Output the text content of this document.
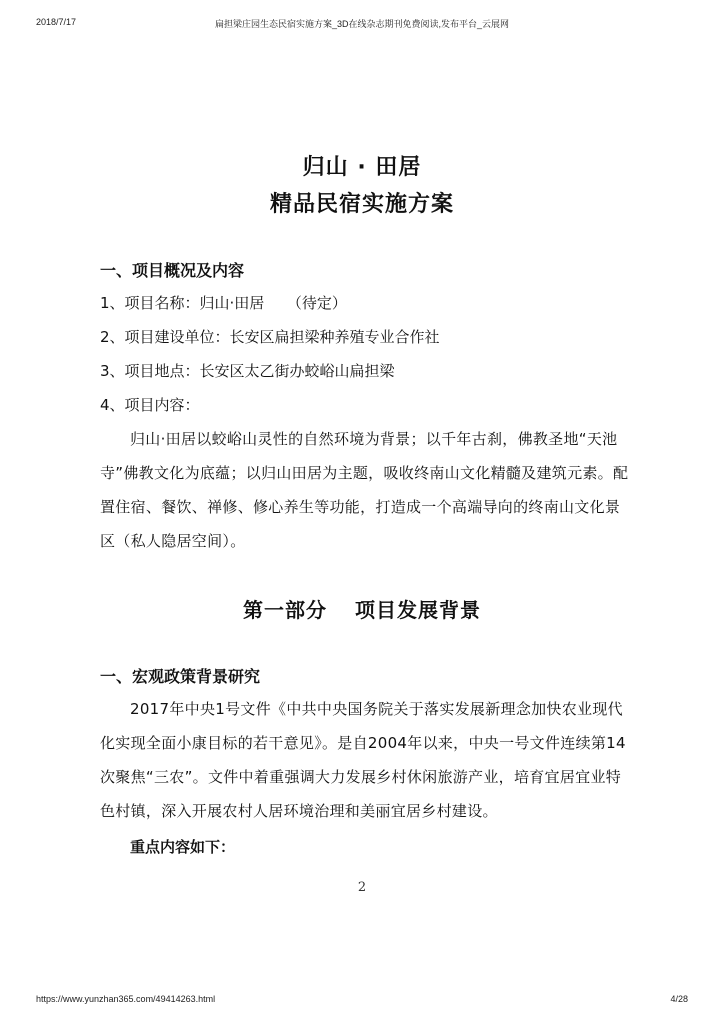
2018/7/17	扁担梁庄园生态民宿实施方案_3D在线杂志期刊免费阅读,发布平台_云展网
归山 · 田居
精品民宿实施方案
一、项目概况及内容
1、项目名称：归山·田居　　（待定）
2、项目建设单位：长安区扁担梁种养殖专业合作社
3、项目地点：长安区太乙街办蛟峪山扁担梁
4、项目内容：
归山·田居以蛟峪山灵性的自然环境为背景；以千年古刹，佛教圣地“天池寺”佛教文化为底蕴；以归山田居为主题，吸收终南山文化精髓及建筑元素。配置住宿、餐饮、禅修、修心养生等功能，打造成一个高端导向的终南山文化景区（私人隐居空间）。
第一部分 项目发展背景
一、宏观政策背景研究
2017年中央1号文件《中共中央国务院关于落实发展新理念加快农业现代化实现全面小康目标的若干意见》。是自2004年以来，中央一号文件连续第14次聚焦“三农”。文件中着重强调大力发展乡村休闲旅游产业，培育宜居宜业特色村镇，深入开展农村人居环境治理和美丽宜居乡村建设。
重点内容如下：
2
https://www.yunzhan365.com/49414263.html	4/28
